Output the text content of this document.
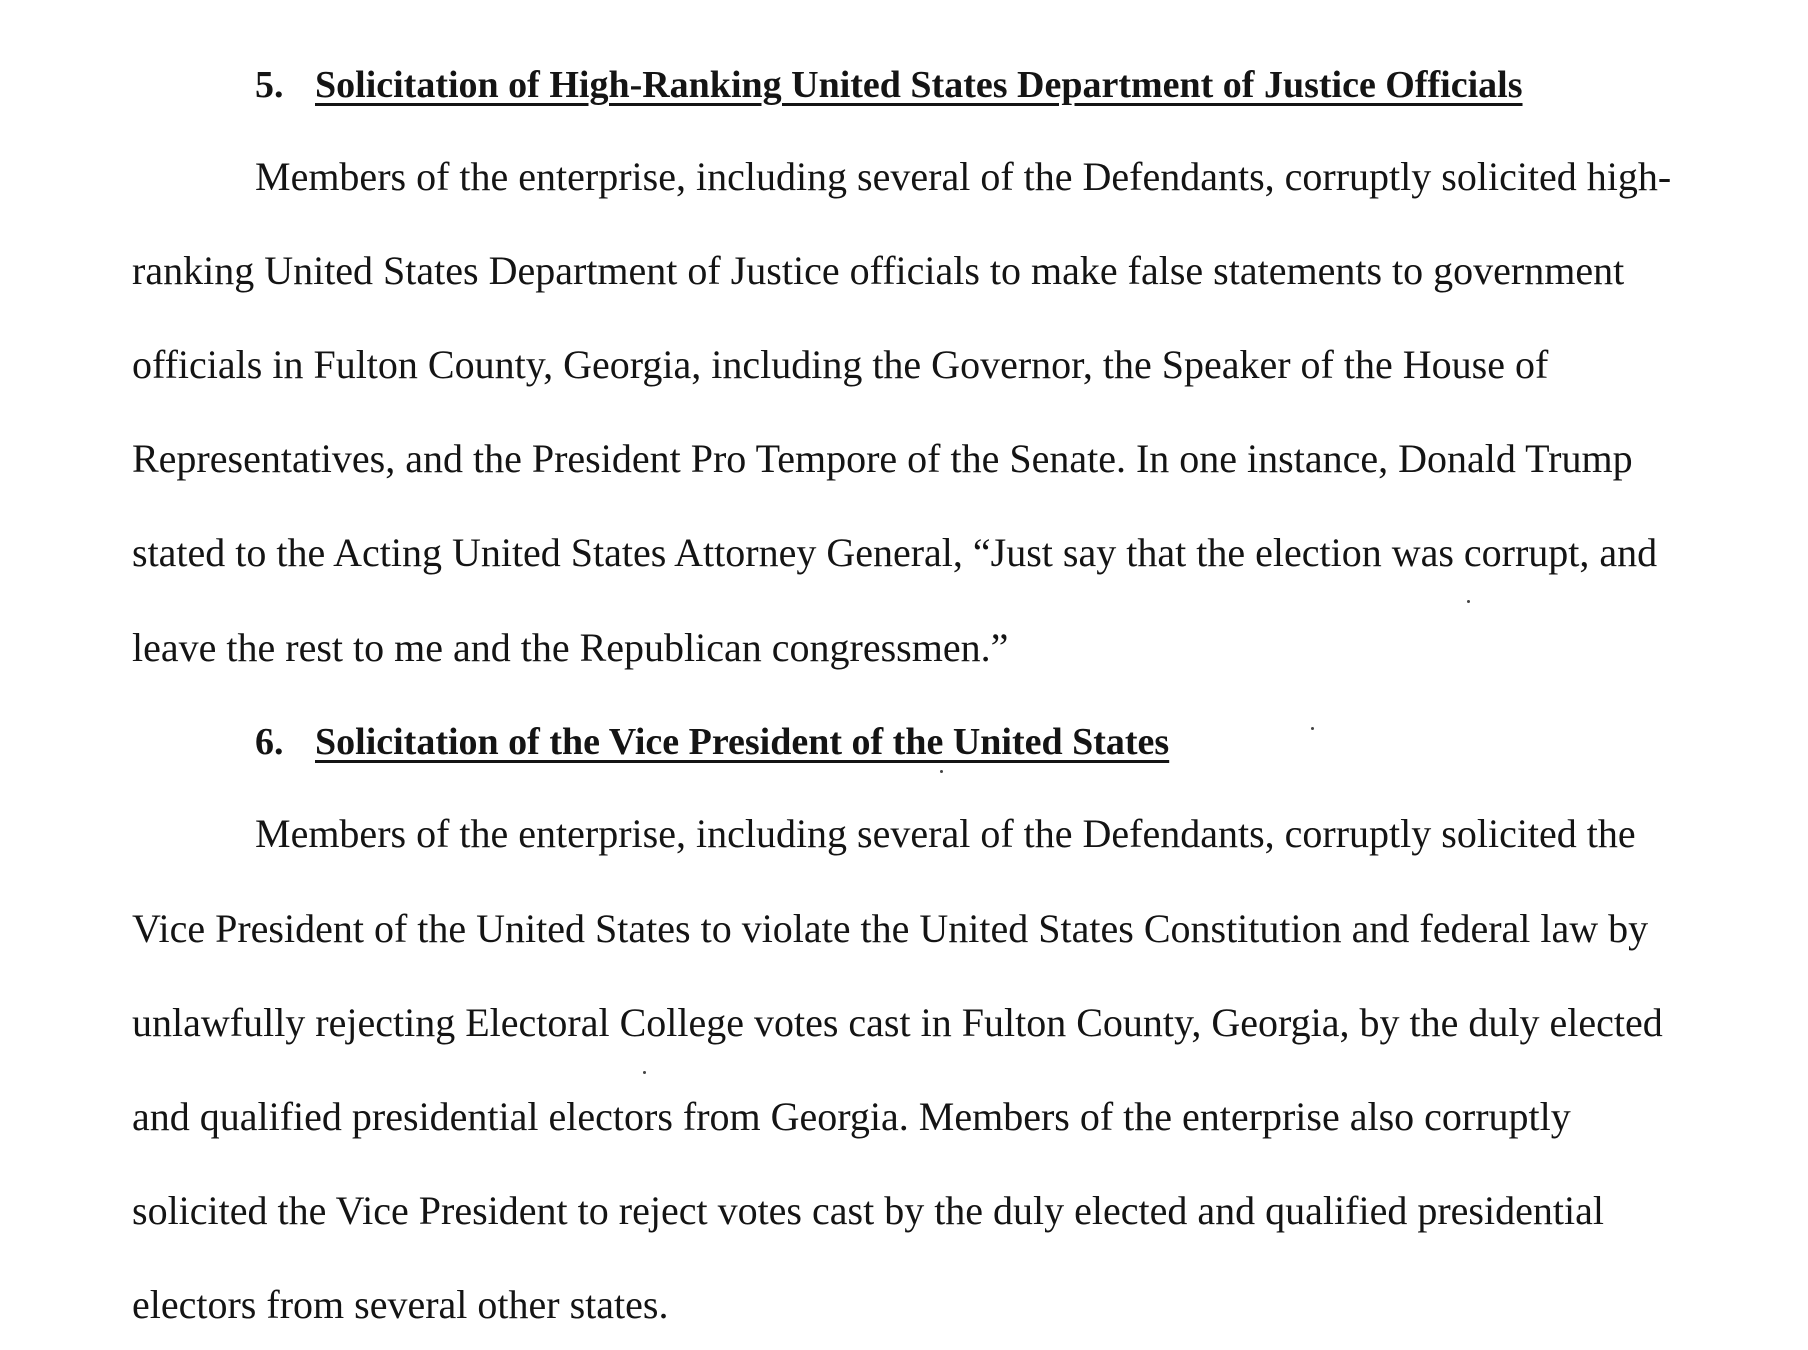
5. Solicitation of High-Ranking United States Department of Justice Officials
Members of the enterprise, including several of the Defendants, corruptly solicited high-
ranking United States Department of Justice officials to make false statements to government
officials in Fulton County, Georgia, including the Governor, the Speaker of the House of
Representatives, and the President Pro Tempore of the Senate. In one instance, Donald Trump
stated to the Acting United States Attorney General, “Just say that the election was corrupt, and
leave the rest to me and the Republican congressmen.”
6. Solicitation of the Vice President of the United States
Members of the enterprise, including several of the Defendants, corruptly solicited the
Vice President of the United States to violate the United States Constitution and federal law by
unlawfully rejecting Electoral College votes cast in Fulton County, Georgia, by the duly elected
and qualified presidential electors from Georgia. Members of the enterprise also corruptly
solicited the Vice President to reject votes cast by the duly elected and qualified presidential
electors from several other states.
